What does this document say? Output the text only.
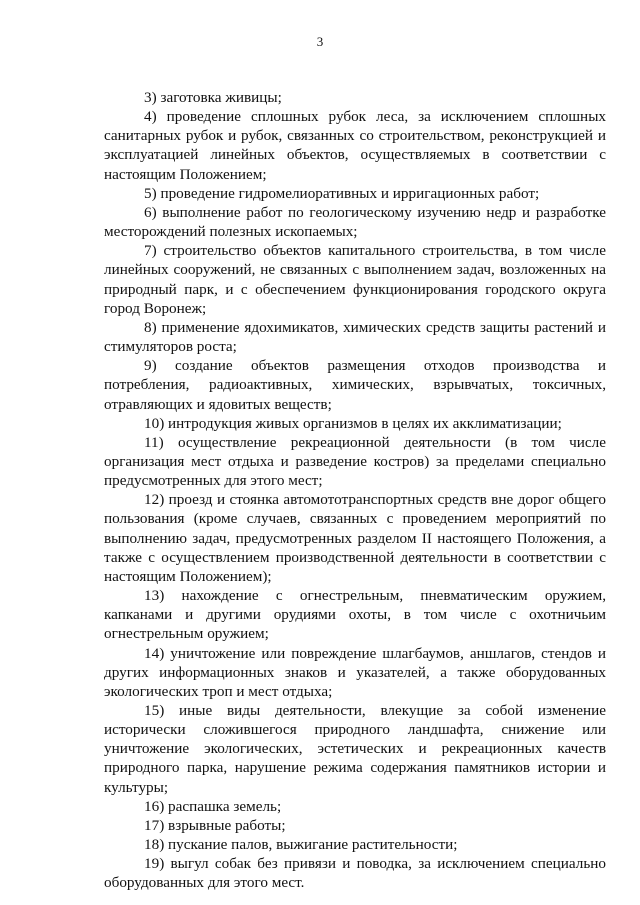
3

3) заготовка живицы;

4) проведение сплошных рубок леса, за исключением сплошных санитарных рубок и рубок, связанных со строительством, реконструкцией и эксплуатацией линейных объектов, осуществляемых в соответствии с настоящим Положением;

5) проведение гидромелиоративных и ирригационных работ;

6) выполнение работ по геологическому изучению недр и разработке месторождений полезных ископаемых;

7) строительство объектов капитального строительства, в том числе линейных сооружений, не связанных с выполнением задач, возложенных на природный парк, и с обеспечением функционирования городского округа город Воронеж;

8) применение ядохимикатов, химических средств защиты растений и стимуляторов роста;

9) создание объектов размещения отходов производства и потребления, радиоактивных, химических, взрывчатых, токсичных, отравляющих и ядовитых веществ;

10) интродукция живых организмов в целях их акклиматизации;

11) осуществление рекреационной деятельности (в том числе организация мест отдыха и разведение костров) за пределами специально предусмотренных для этого мест;

12) проезд и стоянка автомототранспортных средств вне дорог общего пользования (кроме случаев, связанных с проведением мероприятий по выполнению задач, предусмотренных разделом II настоящего Положения, а также с осуществлением производственной деятельности в соответствии с настоящим Положением);

13) нахождение с огнестрельным, пневматическим оружием, капканами и другими орудиями охоты, в том числе с охотничьим огнестрельным оружием;

14) уничтожение или повреждение шлагбаумов, аншлагов, стендов и других информационных знаков и указателей, а также оборудованных экологических троп и мест отдыха;

15) иные виды деятельности, влекущие за собой изменение исторически сложившегося природного ландшафта, снижение или уничтожение экологических, эстетических и рекреационных качеств природного парка, нарушение режима содержания памятников истории и культуры;

16) распашка земель;

17) взрывные работы;

18) пускание палов, выжигание растительности;

19) выгул собак без привязи и поводка, за исключением специально оборудованных для этого мест.
